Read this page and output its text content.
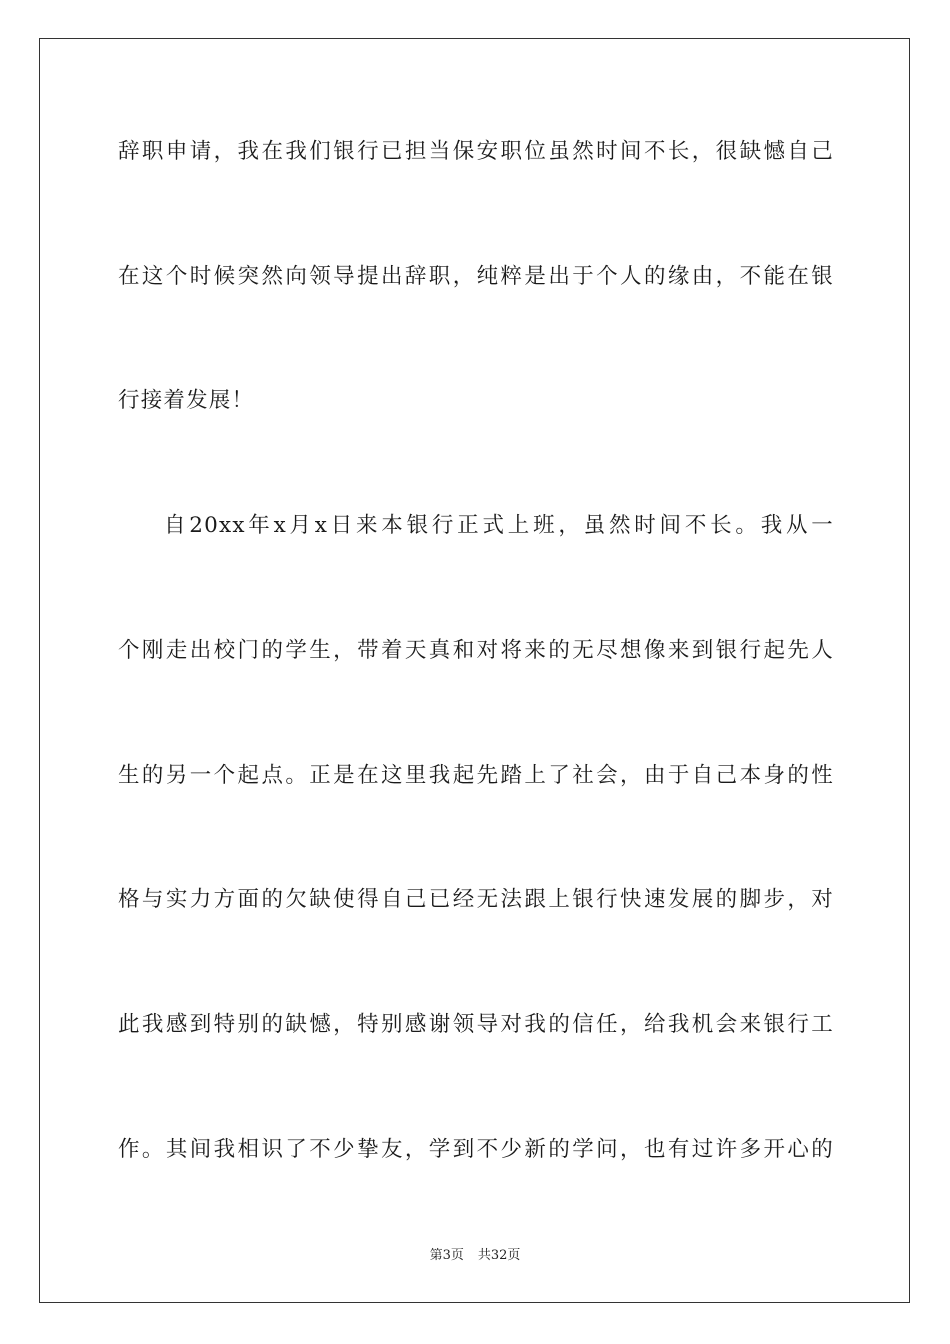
辞职申请，我在我们银行已担当保安职位虽然时间不长，很缺憾自己
在这个时候突然向领导提出辞职，纯粹是出于个人的缘由，不能在银
行接着发展！
自20xx年x月x日来本银行正式上班，虽然时间不长。我从一
个刚走出校门的学生，带着天真和对将来的无尽想像来到银行起先人
生的另一个起点。正是在这里我起先踏上了社会，由于自己本身的性
格与实力方面的欠缺使得自己已经无法跟上银行快速发展的脚步，对
此我感到特别的缺憾，特别感谢领导对我的信任，给我机会来银行工
作。其间我相识了不少挚友，学到不少新的学问，也有过许多开心的
第3页 共32页
